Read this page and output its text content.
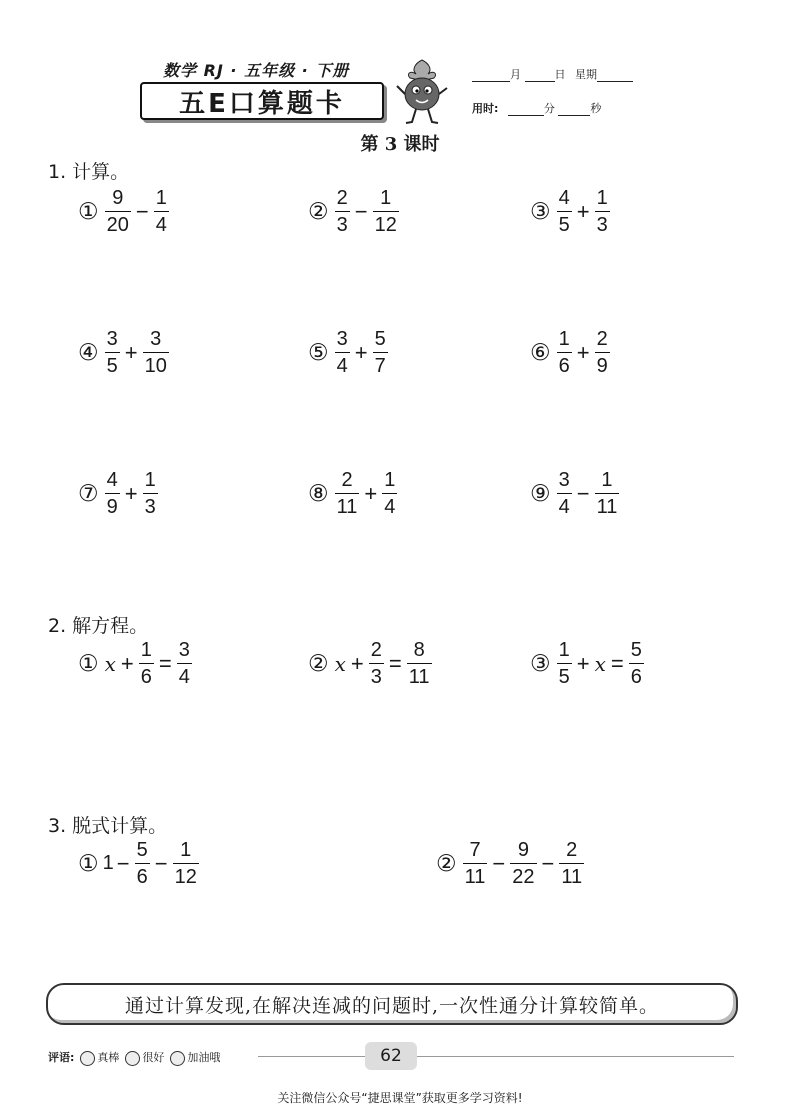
数学 RJ · 五年级 · 下册
五E口算题卡
月	日 星期
用时:	分	秒
第 3 课时
1. 计算。
2. 解方程。
3. 脱式计算。
通过计算发现,在解决连减的问题时,一次性通分计算较简单。
评语:	真棒	很好	加油哦	62
关注微信公众号“捷思课堂”获取更多学习资料!
① $\frac{9}{20} - \frac{1}{4}$	② $\frac{2}{3} - \frac{1}{12}$	③ $\frac{4}{5} + \frac{1}{3}$
④ $\frac{3}{5} + \frac{3}{10}$	⑤ $\frac{3}{4} + \frac{5}{7}$	⑥ $\frac{1}{6} + \frac{2}{9}$
⑦ $\frac{4}{9} + \frac{1}{3}$	⑧ $\frac{2}{11} + \frac{1}{4}$	⑨ $\frac{3}{4} - \frac{1}{11}$
① $x + \frac{1}{6} = \frac{3}{4}$	② $x + \frac{2}{3} = \frac{8}{11}$	③ $\frac{1}{5} + x = \frac{5}{6}$
① $1 - \frac{5}{6} - \frac{1}{12}$	② $\frac{7}{11} - \frac{9}{22} - \frac{2}{11}$
